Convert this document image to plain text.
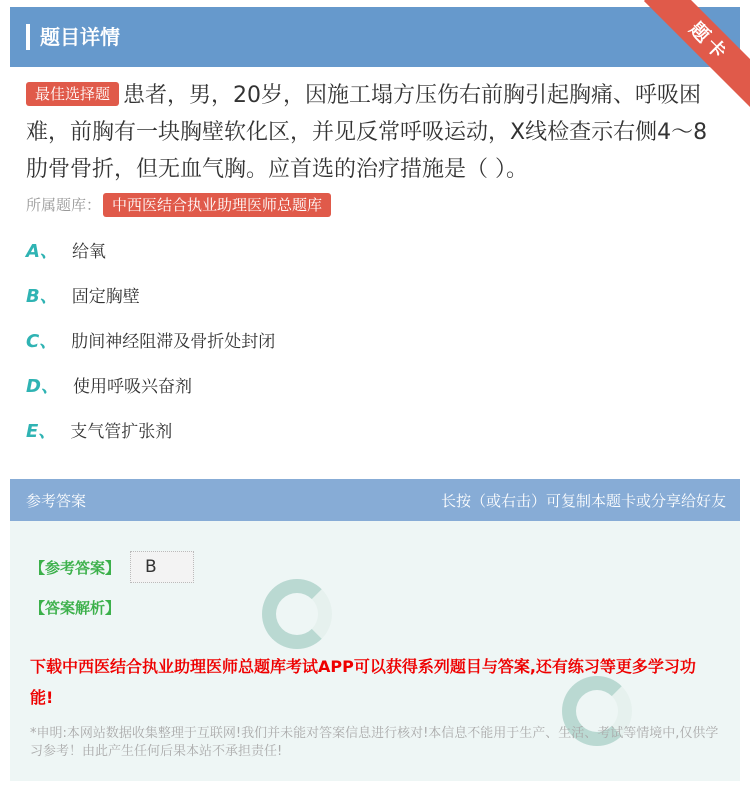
题目详情	题卡
最佳选择题 患者，男，20岁，因施工塌方压伤右前胸引起胸痛、呼吸困难，前胸有一块胸壁软化区，并见反常呼吸运动，X线检查示右侧4～8肋骨骨折，但无血气胸。应首选的治疗措施是（ ）。
所属题库： 中西医结合执业助理医师总题库
A、 给氧
B、 固定胸壁
C、 肋间神经阻滞及骨折处封闭
D、 使用呼吸兴奋剂
E、 支气管扩张剂
参考答案	长按（或右击）可复制本题卡或分享给好友
【参考答案】	B
【答案解析】
下载中西医结合执业助理医师总题库考试APP可以获得系列题目与答案,还有练习等更多学习功能!
*申明:本网站数据收集整理于互联网!我们并未能对答案信息进行核对!本信息不能用于生产、生活、考试等情境中,仅供学习参考！由此产生任何后果本站不承担责任!
